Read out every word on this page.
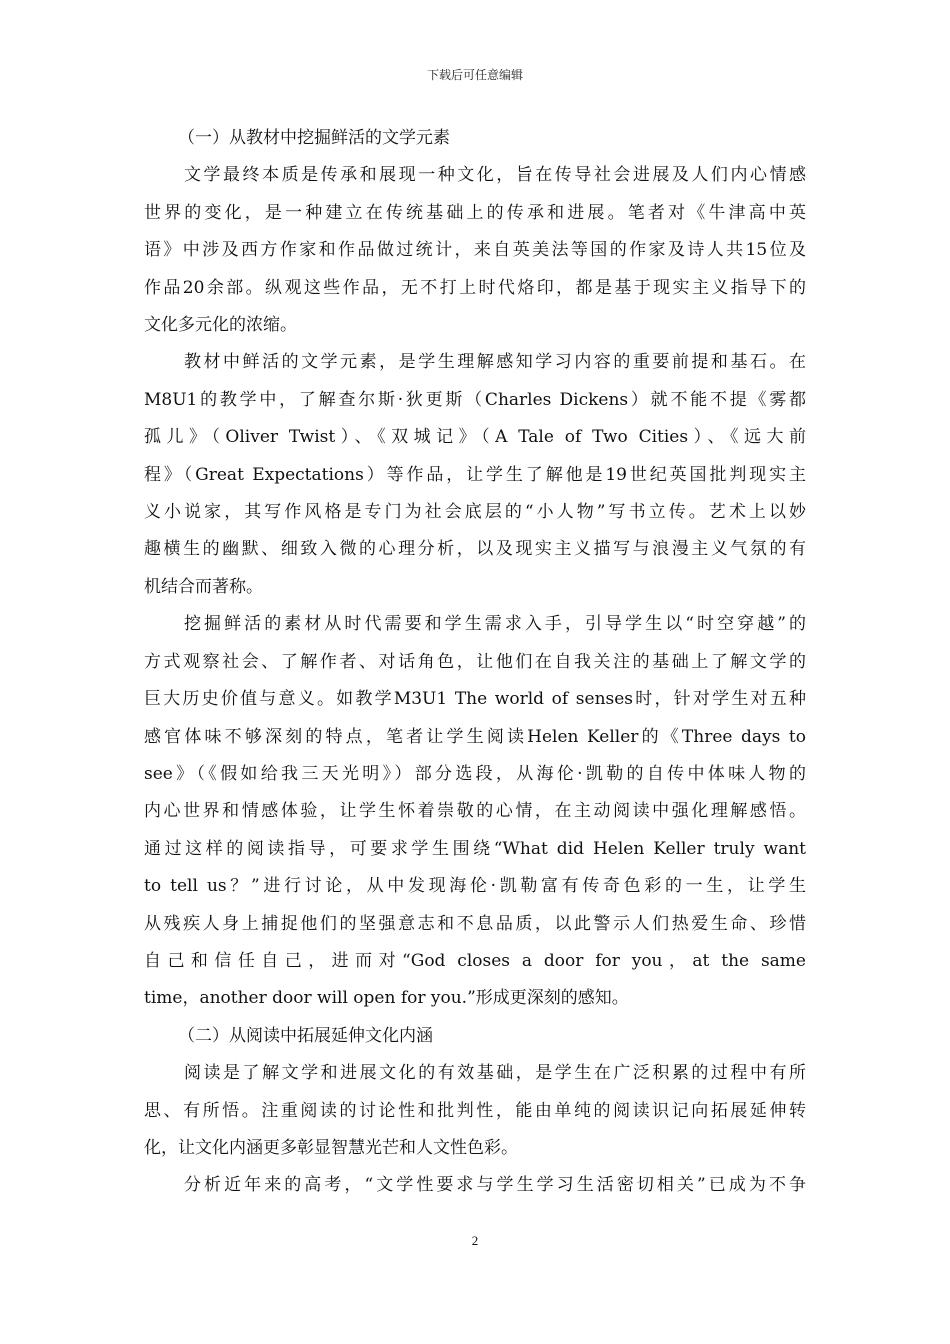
下载后可任意编辑
（一）从教材中挖掘鲜活的文学元素
文学最终本质是传承和展现一种文化，旨在传导社会进展及人们内心情感
世界的变化，是一种建立在传统基础上的传承和进展。笔者对《牛津高中英
语》中涉及西方作家和作品做过统计，来自英美法等国的作家及诗人共15位及
作品20余部。纵观这些作品，无不打上时代烙印，都是基于现实主义指导下的
文化多元化的浓缩。
教材中鲜活的文学元素，是学生理解感知学习内容的重要前提和基石。在
M8U1的教学中，了解查尔斯·狄更斯（Charles Dickens）就不能不提《雾都
孤儿》（Oliver Twist）、《双城记》（A Tale of Two Cities）、《远大前
程》（Great Expectations）等作品，让学生了解他是19世纪英国批判现实主
义小说家，其写作风格是专门为社会底层的“小人物”写书立传。艺术上以妙
趣横生的幽默、细致入微的心理分析，以及现实主义描写与浪漫主义气氛的有
机结合而著称。
挖掘鲜活的素材从时代需要和学生需求入手，引导学生以“时空穿越”的
方式观察社会、了解作者、对话角色，让他们在自我关注的基础上了解文学的
巨大历史价值与意义。如教学M3U1 The world of senses时，针对学生对五种
感官体味不够深刻的特点，笔者让学生阅读Helen Keller的《Three days to
see》（《假如给我三天光明》）部分选段，从海伦·凯勒的自传中体味人物的
内心世界和情感体验，让学生怀着崇敬的心情，在主动阅读中强化理解感悟。
通过这样的阅读指导，可要求学生围绕“What did Helen Keller truly want
to tell us？”进行讨论，从中发现海伦·凯勒富有传奇色彩的一生，让学生
从残疾人身上捕捉他们的坚强意志和不息品质，以此警示人们热爱生命、珍惜
自己和信任自己，进而对“God closes a door for you，at the same
time，another door will open for you.”形成更深刻的感知。
（二）从阅读中拓展延伸文化内涵
阅读是了解文学和进展文化的有效基础，是学生在广泛积累的过程中有所
思、有所悟。注重阅读的讨论性和批判性，能由单纯的阅读识记向拓展延伸转
化，让文化内涵更多彰显智慧光芒和人文性色彩。
分析近年来的高考，“文学性要求与学生学习生活密切相关”已成为不争
2
